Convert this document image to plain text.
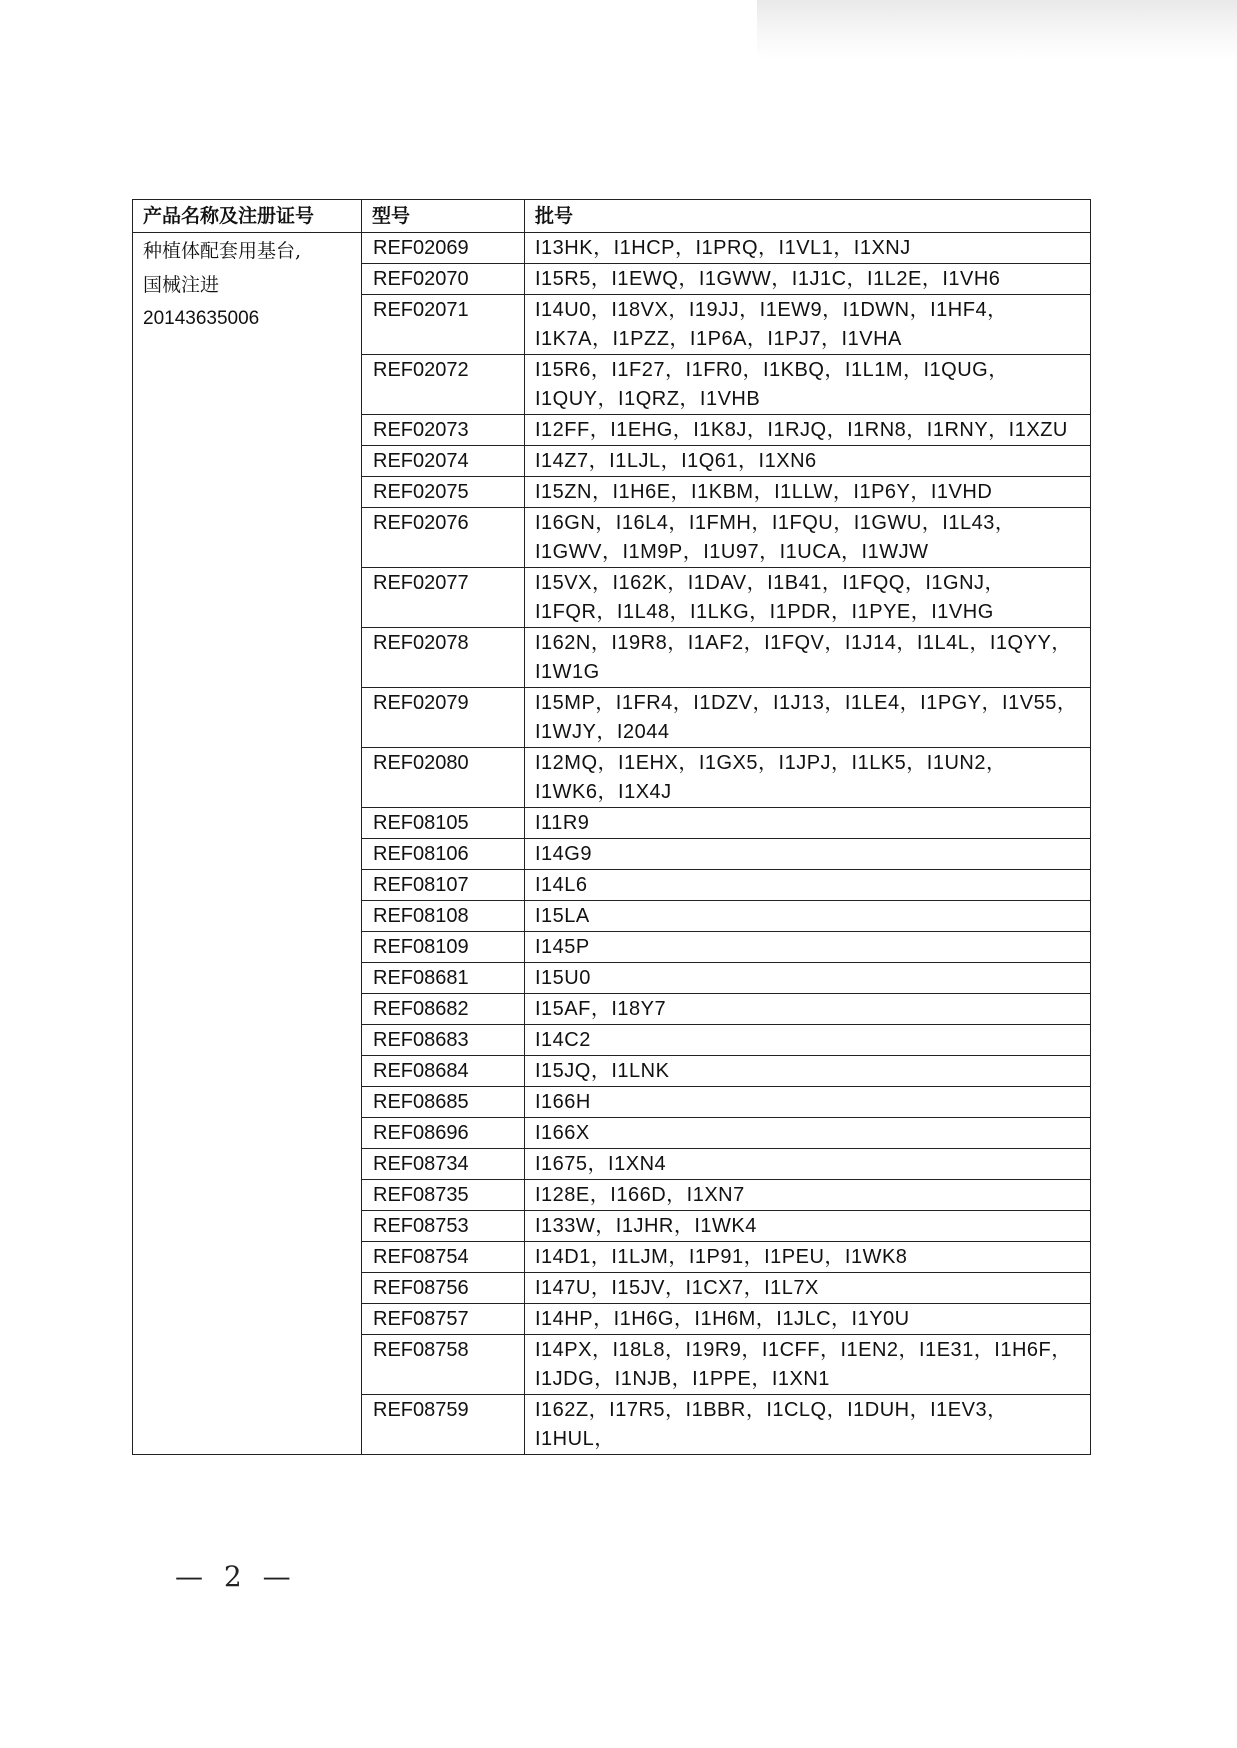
产品名称及注册证号	型号	批号

种植体配套用基台,
国械注进
20143635006	REF02069	I13HK，I1HCP，I1PRQ，I1VL1，I1XNJ
	REF02070	I15R5，I1EWQ，I1GWW，I1J1C，I1L2E，I1VH6
	REF02071	I14U0，I18VX，I19JJ，I1EW9，I1DWN，I1HF4，I1K7A，I1PZZ，I1P6A，I1PJ7，I1VHA
	REF02072	I15R6，I1F27，I1FR0，I1KBQ，I1L1M，I1QUG，I1QUY，I1QRZ，I1VHB
	REF02073	I12FF，I1EHG，I1K8J，I1RJQ，I1RN8，I1RNY，I1XZU
	REF02074	I14Z7，I1LJL，I1Q61，I1XN6
	REF02075	I15ZN，I1H6E，I1KBM，I1LLW，I1P6Y，I1VHD
	REF02076	I16GN，I16L4，I1FMH，I1FQU，I1GWU，I1L43，I1GWV，I1M9P，I1U97，I1UCA，I1WJW
	REF02077	I15VX，I162K，I1DAV，I1B41，I1FQQ，I1GNJ，I1FQR，I1L48，I1LKG，I1PDR，I1PYE，I1VHG
	REF02078	I162N，I19R8，I1AF2，I1FQV，I1J14，I1L4L，I1QYY，I1W1G
	REF02079	I15MP，I1FR4，I1DZV，I1J13，I1LE4，I1PGY，I1V55，I1WJY，I2044
	REF02080	I12MQ，I1EHX，I1GX5，I1JPJ，I1LK5，I1UN2，I1WK6，I1X4J
	REF08105	I11R9
	REF08106	I14G9
	REF08107	I14L6
	REF08108	I15LA
	REF08109	I145P
	REF08681	I15U0
	REF08682	I15AF，I18Y7
	REF08683	I14C2
	REF08684	I15JQ，I1LNK
	REF08685	I166H
	REF08696	I166X
	REF08734	I1675，I1XN4
	REF08735	I128E，I166D，I1XN7
	REF08753	I133W，I1JHR，I1WK4
	REF08754	I14D1，I1LJM，I1P91，I1PEU，I1WK8
	REF08756	I147U，I15JV，I1CX7，I1L7X
	REF08757	I14HP，I1H6G，I1H6M，I1JLC，I1Y0U
	REF08758	I14PX，I18L8，I19R9，I1CFF，I1EN2，I1E31，I1H6F，I1JDG，I1NJB，I1PPE，I1XN1
	REF08759	I162Z，I17R5，I1BBR，I1CLQ，I1DUH，I1EV3，I1HUL，
— 2 —
